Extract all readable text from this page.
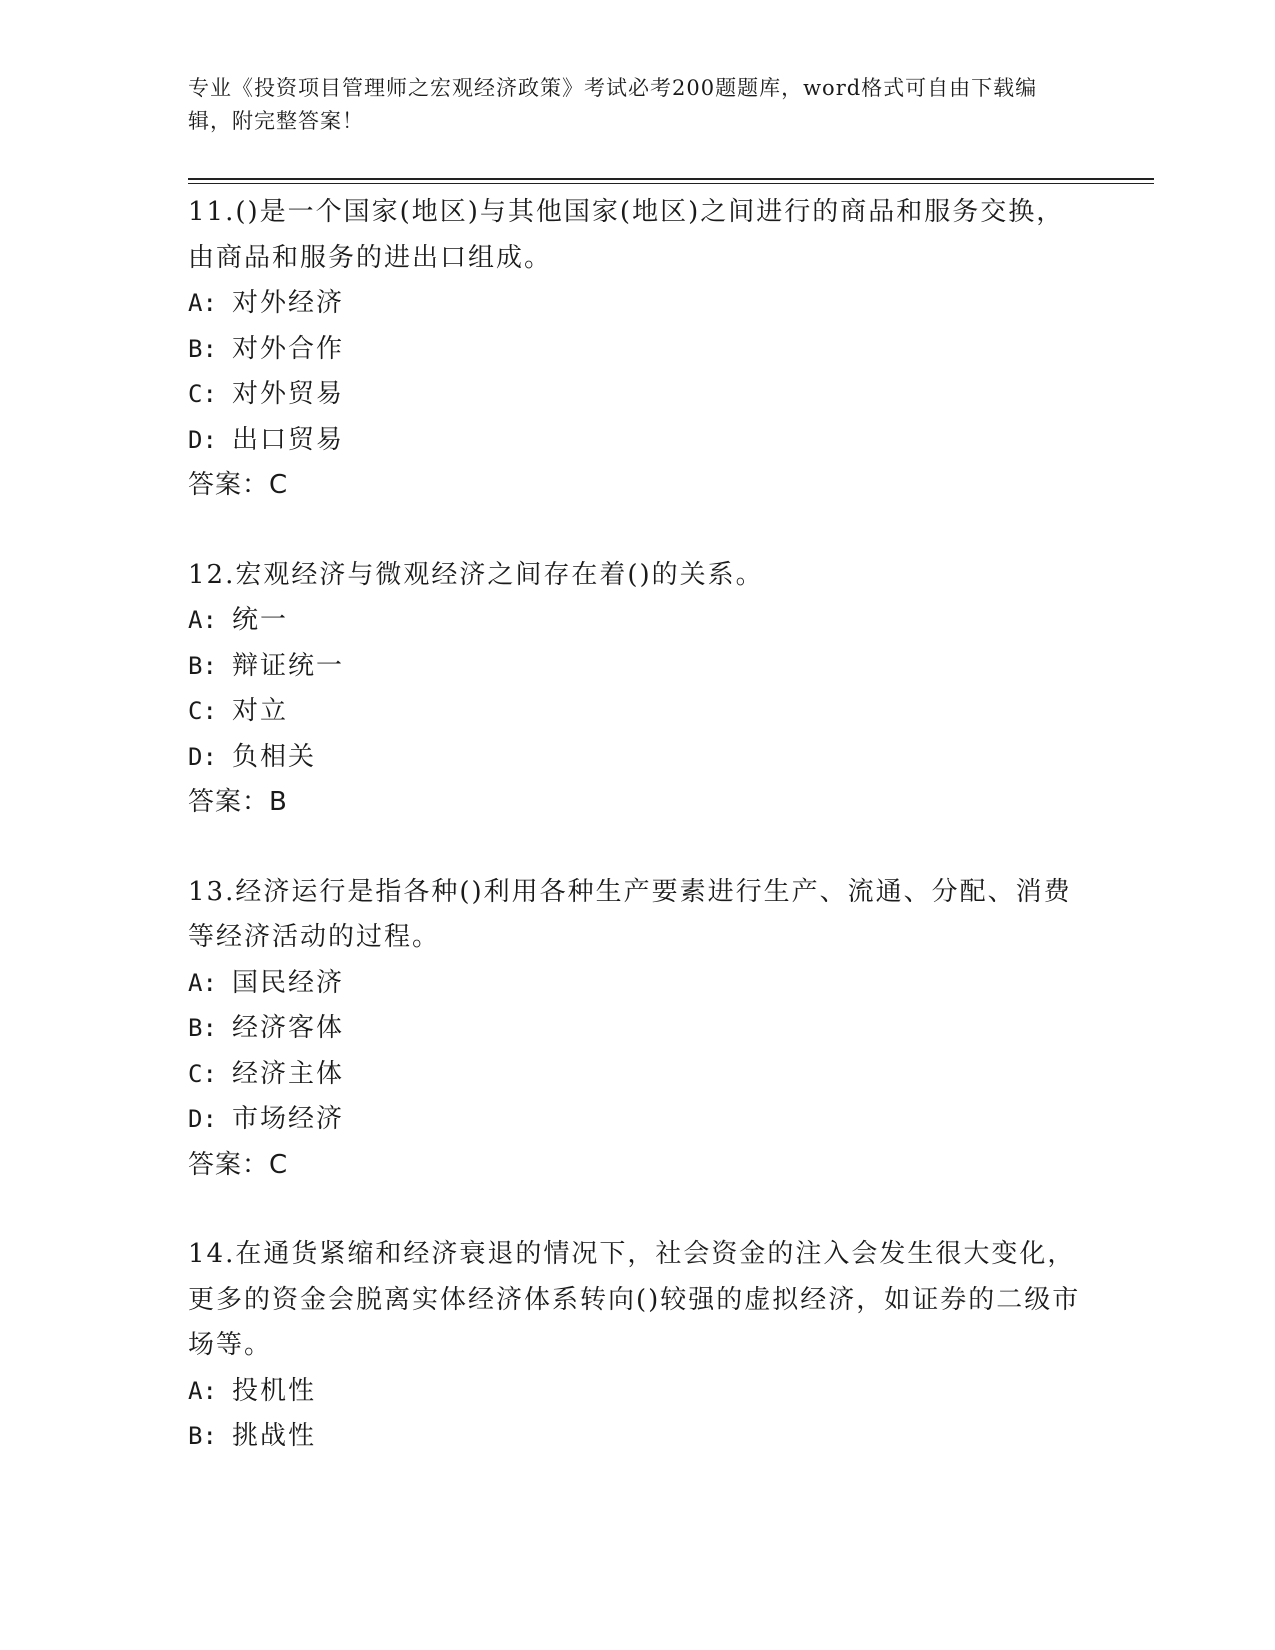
专业《投资项目管理师之宏观经济政策》考试必考200题题库，word格式可自由下载编辑，附完整答案！
11.()是一个国家(地区)与其他国家(地区)之间进行的商品和服务交换，由商品和服务的进出口组成。
A: 对外经济
B: 对外合作
C: 对外贸易
D: 出口贸易
答案：C
12.宏观经济与微观经济之间存在着()的关系。
A: 统一
B: 辩证统一
C: 对立
D: 负相关
答案：B
13.经济运行是指各种()利用各种生产要素进行生产、流通、分配、消费等经济活动的过程。
A: 国民经济
B: 经济客体
C: 经济主体
D: 市场经济
答案：C
14.在通货紧缩和经济衰退的情况下，社会资金的注入会发生很大变化，更多的资金会脱离实体经济体系转向()较强的虚拟经济，如证券的二级市场等。
A: 投机性
B: 挑战性
